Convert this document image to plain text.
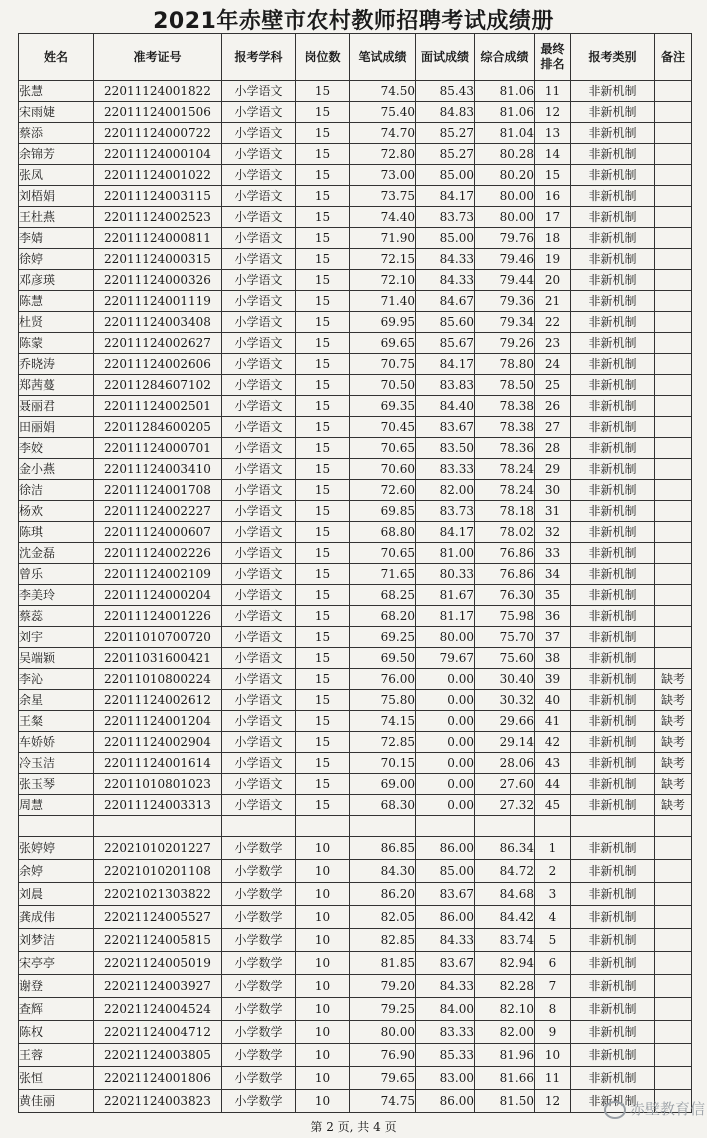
2021年赤壁市农村教师招聘考试成绩册
姓名	准考证号	报考学科	岗位数	笔试成绩	面试成绩	综合成绩	最终排名	报考类别	备注
张慧	22011124001822	小学语文	15	74.50	85.43	81.06	11	非新机制	
宋雨婕	22011124001506	小学语文	15	75.40	84.83	81.06	12	非新机制	
蔡添	22011124000722	小学语文	15	74.70	85.27	81.04	13	非新机制	
余锦芳	22011124000104	小学语文	15	72.80	85.27	80.28	14	非新机制	
张凤	22011124001022	小学语文	15	73.00	85.00	80.20	15	非新机制	
刘梧娟	22011124003115	小学语文	15	73.75	84.17	80.00	16	非新机制	
王杜燕	22011124002523	小学语文	15	74.40	83.73	80.00	17	非新机制	
李婧	22011124000811	小学语文	15	71.90	85.00	79.76	18	非新机制	
徐婷	22011124000315	小学语文	15	72.15	84.33	79.46	19	非新机制	
邓彦瑛	22011124000326	小学语文	15	72.10	84.33	79.44	20	非新机制	
陈慧	22011124001119	小学语文	15	71.40	84.67	79.36	21	非新机制	
杜贤	22011124003408	小学语文	15	69.95	85.60	79.34	22	非新机制	
陈蒙	22011124002627	小学语文	15	69.65	85.67	79.26	23	非新机制	
乔晓涛	22011124002606	小学语文	15	70.75	84.17	78.80	24	非新机制	
郑茜蔓	22011284607102	小学语文	15	70.50	83.83	78.50	25	非新机制	
聂丽君	22011124002501	小学语文	15	69.35	84.40	78.38	26	非新机制	
田丽娟	22011284600205	小学语文	15	70.45	83.67	78.38	27	非新机制	
李姣	22011124000701	小学语文	15	70.65	83.50	78.36	28	非新机制	
金小燕	22011124003410	小学语文	15	70.60	83.33	78.24	29	非新机制	
徐洁	22011124001708	小学语文	15	72.60	82.00	78.24	30	非新机制	
杨欢	22011124002227	小学语文	15	69.85	83.73	78.18	31	非新机制	
陈琪	22011124000607	小学语文	15	68.80	84.17	78.02	32	非新机制	
沈金磊	22011124002226	小学语文	15	70.65	81.00	76.86	33	非新机制	
曾乐	22011124002109	小学语文	15	71.65	80.33	76.86	34	非新机制	
李美玲	22011124000204	小学语文	15	68.25	81.67	76.30	35	非新机制	
蔡蕊	22011124001226	小学语文	15	68.20	81.17	75.98	36	非新机制	
刘宇	22011010700720	小学语文	15	69.25	80.00	75.70	37	非新机制	
吴端颖	22011031600421	小学语文	15	69.50	79.67	75.60	38	非新机制	
李沁	22011010800224	小学语文	15	76.00	0.00	30.40	39	非新机制	缺考
余星	22011124002612	小学语文	15	75.80	0.00	30.32	40	非新机制	缺考
王粲	22011124001204	小学语文	15	74.15	0.00	29.66	41	非新机制	缺考
车娇娇	22011124002904	小学语文	15	72.85	0.00	29.14	42	非新机制	缺考
冷玉洁	22011124001614	小学语文	15	70.15	0.00	28.06	43	非新机制	缺考
张玉琴	22011010801023	小学语文	15	69.00	0.00	27.60	44	非新机制	缺考
周慧	22011124003313	小学语文	15	68.30	0.00	27.32	45	非新机制	缺考

张婷婷	22021010201227	小学数学	10	86.85	86.00	86.34	1	非新机制	
余婷	22021010201108	小学数学	10	84.30	85.00	84.72	2	非新机制	
刘晨	22021021303822	小学数学	10	86.20	83.67	84.68	3	非新机制	
龚成伟	22021124005527	小学数学	10	82.05	86.00	84.42	4	非新机制	
刘梦洁	22021124005815	小学数学	10	82.85	84.33	83.74	5	非新机制	
宋亭亭	22021124005019	小学数学	10	81.85	83.67	82.94	6	非新机制	
谢登	22021124003927	小学数学	10	79.20	84.33	82.28	7	非新机制	
查辉	22021124004524	小学数学	10	79.25	84.00	82.10	8	非新机制	
陈权	22021124004712	小学数学	10	80.00	83.33	82.00	9	非新机制	
王蓉	22021124003805	小学数学	10	76.90	85.33	81.96	10	非新机制	
张恒	22021124001806	小学数学	10	79.65	83.00	81.66	11	非新机制	
黄佳丽	22021124003823	小学数学	10	74.75	86.00	81.50	12	非新机制	
第 2 页, 共 4 页
赤壁教育信
